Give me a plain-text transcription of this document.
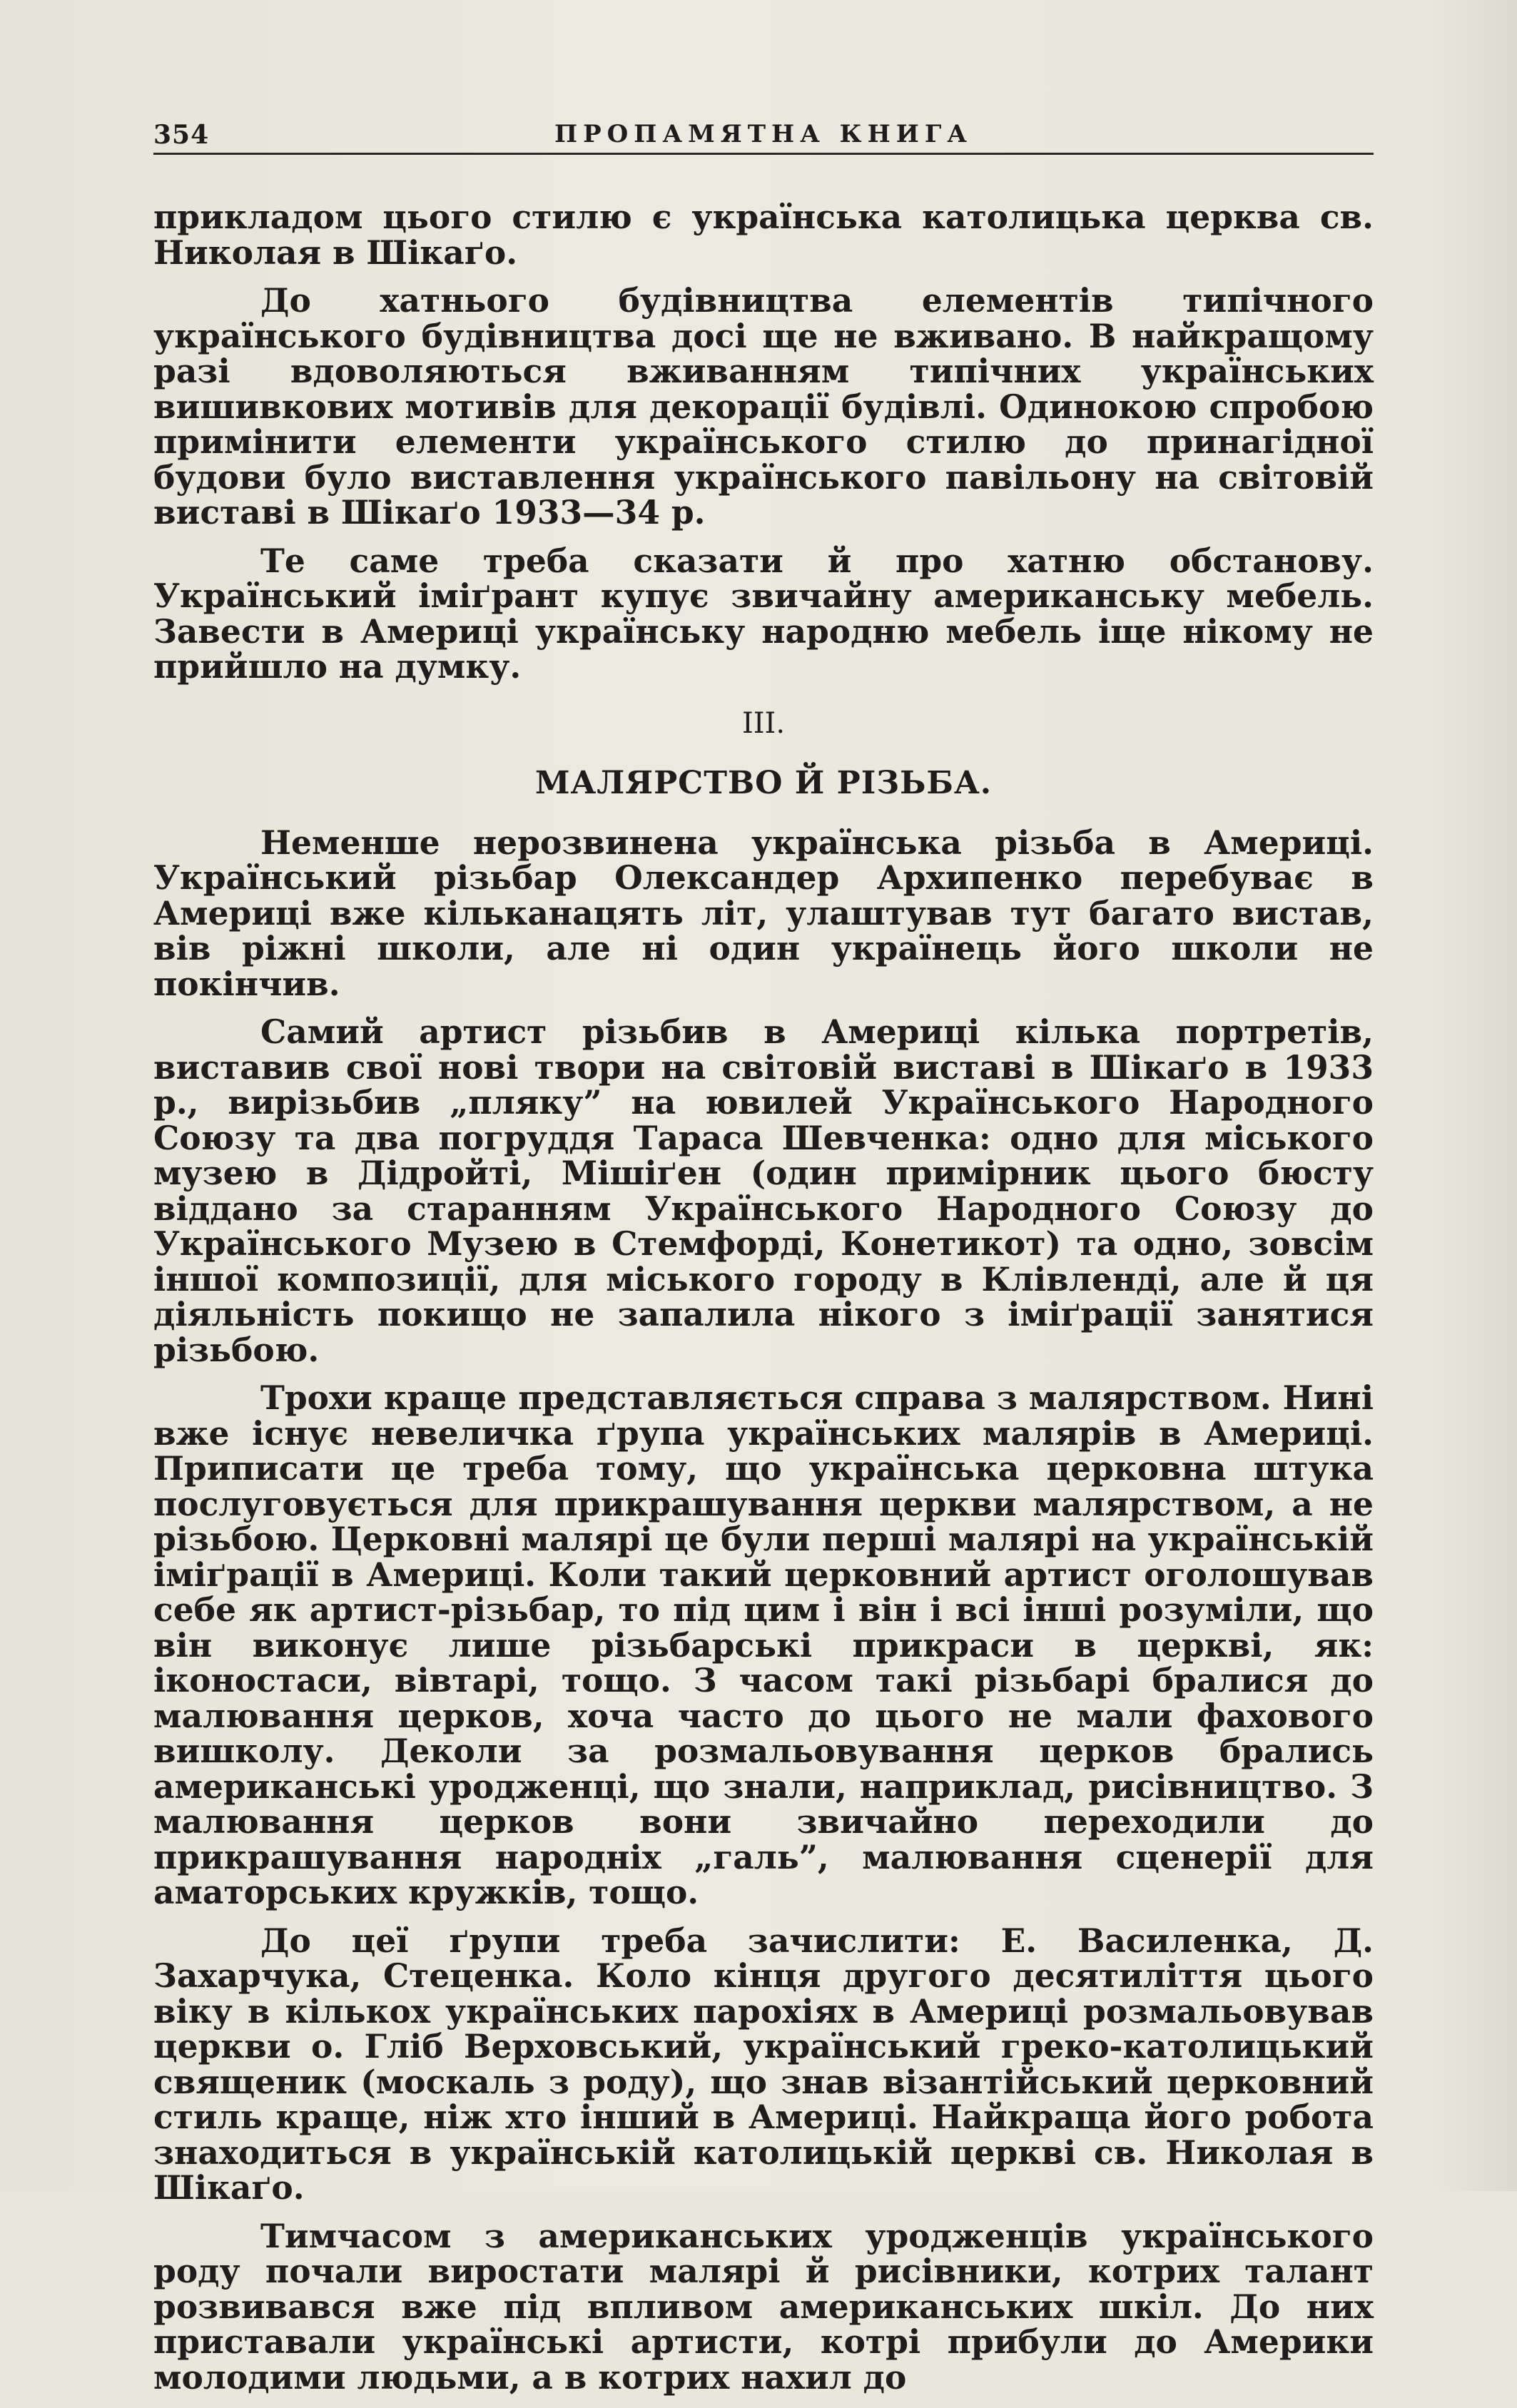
354	ПРОПАМЯТНА КНИГА

прикладом цього стилю є українська католицька церква св. Николая в Шікаґо.

До хатнього будівництва елементів типічного українського будівництва досі ще не вживано. В найкращому разі вдоволяються вживанням типічних українських вишивкових мотивів для декорації будівлі. Одинокою спробою примінити елементи українського стилю до принагідної будови було виставлення українського павільону на світовій виставі в Шікаґо 1933—34 р.

Те саме треба сказати й про хатню обстанову. Український іміґрант купує звичайну американську мебель. Завести в Америці українську народню мебель іще нікому не прийшло на думку.

III.
МАЛЯРСТВО Й РІЗЬБА.

Неменше нерозвинена українська різьба в Америці. Український різьбар Олександер Архипенко перебуває в Америці вже кільканацять літ, улаштував тут багато вистав, вів ріжні школи, але ні один українець його школи не покінчив.

Самий артист різьбив в Америці кілька портретів, виставив свої нові твори на світовій виставі в Шікаґо в 1933 р., вирізьбив „пляку” на ювилей Українського Народного Союзу та два погруддя Тараса Шевченка: одно для міського музею в Дідройті, Мішіґен (один примірник цього бюсту віддано за старанням Українського Народного Союзу до Українського Музею в Стемфорді, Конетикот) та одно, зовсім іншої композиції, для міського городу в Клівленді, але й ця діяльність покищо не запалила нікого з іміґрації занятися різьбою.

Трохи краще представляється справа з малярством. Нині вже існує невеличка ґрупа українських малярів в Америці. Приписати це треба тому, що українська церковна штука послуговується для прикрашування церкви малярством, а не різьбою. Церковні малярі це були перші малярі на українській іміґрації в Америці. Коли такий церковний артист оголошував себе як артист-різьбар, то під цим і він і всі інші розуміли, що він виконує лише різьбарські прикраси в церкві, як: іконостаси, вівтарі, тощо. З часом такі різьбарі бралися до малювання церков, хоча часто до цього не мали фахового вишколу. Деколи за розмальовування церков брались американські уродженці, що знали, наприклад, рисівництво. З малювання церков вони звичайно переходили до прикрашування народніх „галь”, малювання сценерії для аматорських кружків, тощо.

До цеї ґрупи треба зачислити: Е. Василенка, Д. Захарчука, Стеценка. Коло кінця другого десятиліття цього віку в кількох українських парохіях в Америці розмальовував церкви о. Гліб Верховський, український греко-католицький священик (москаль з роду), що знав візантійський церковний стиль краще, ніж хто інший в Америці. Найкраща його робота знаходиться в українській католицькій церкві св. Николая в Шікаґо.

Тимчасом з американських уродженців українського роду почали виростати малярі й рисівники, котрих талант розвивався вже під впливом американських шкіл. До них приставали українські артисти, котрі прибули до Америки молодими людьми, а в котрих нахил до
